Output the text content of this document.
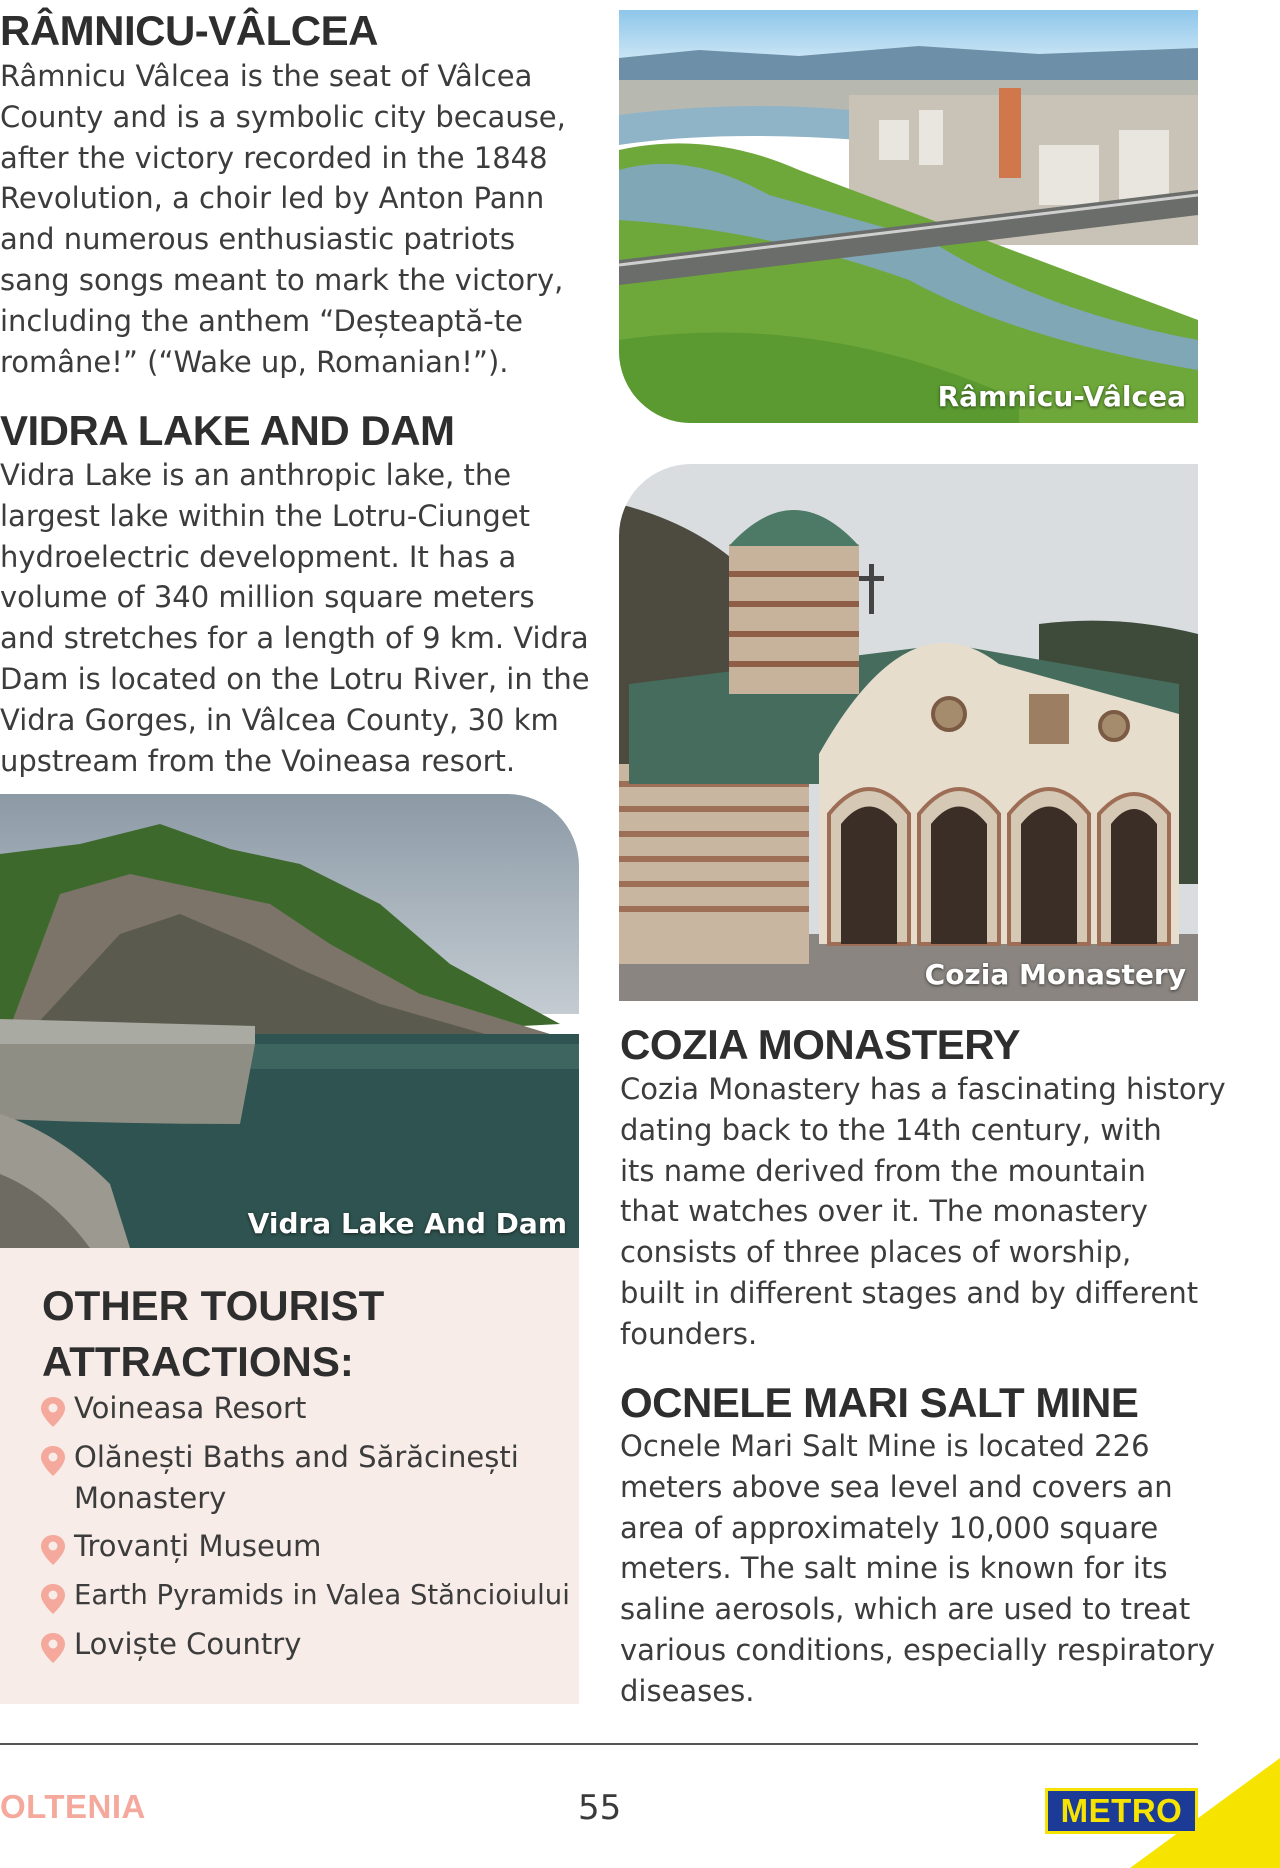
RÂMNICU-VÂLCEA
Râmnicu Vâlcea is the seat of Vâlcea
County and is a symbolic city because,
after the victory recorded in the 1848
Revolution, a choir led by Anton Pann
and numerous enthusiastic patriots
sang songs meant to mark the victory,
including the anthem “Deșteaptă-te
române!” (“Wake up, Romanian!”).
VIDRA LAKE AND DAM
Vidra Lake is an anthropic lake, the
largest lake within the Lotru-Ciunget
hydroelectric development. It has a
volume of 340 million square meters
and stretches for a length of 9 km. Vidra
Dam is located on the Lotru River, in the
Vidra Gorges, in Vâlcea County, 30 km
upstream from the Voineasa resort.
Râmnicu-Vâlcea
Cozia Monastery
Vidra Lake And Dam
COZIA MONASTERY
Cozia Monastery has a fascinating history
dating back to the 14th century, with
its name derived from the mountain
that watches over it. The monastery
consists of three places of worship,
built in different stages and by different
founders.
OCNELE MARI SALT MINE
Ocnele Mari Salt Mine is located 226
meters above sea level and covers an
area of approximately 10,000 square
meters. The salt mine is known for its
saline aerosols, which are used to treat
various conditions, especially respiratory
diseases.
OTHER TOURIST
ATTRACTIONS:
Voineasa Resort
Olănești Baths and Sărăcinești
Monastery
Trovanți Museum
Earth Pyramids in Valea Stăncioiului
Loviște Country
OLTENIA	55	METRO
